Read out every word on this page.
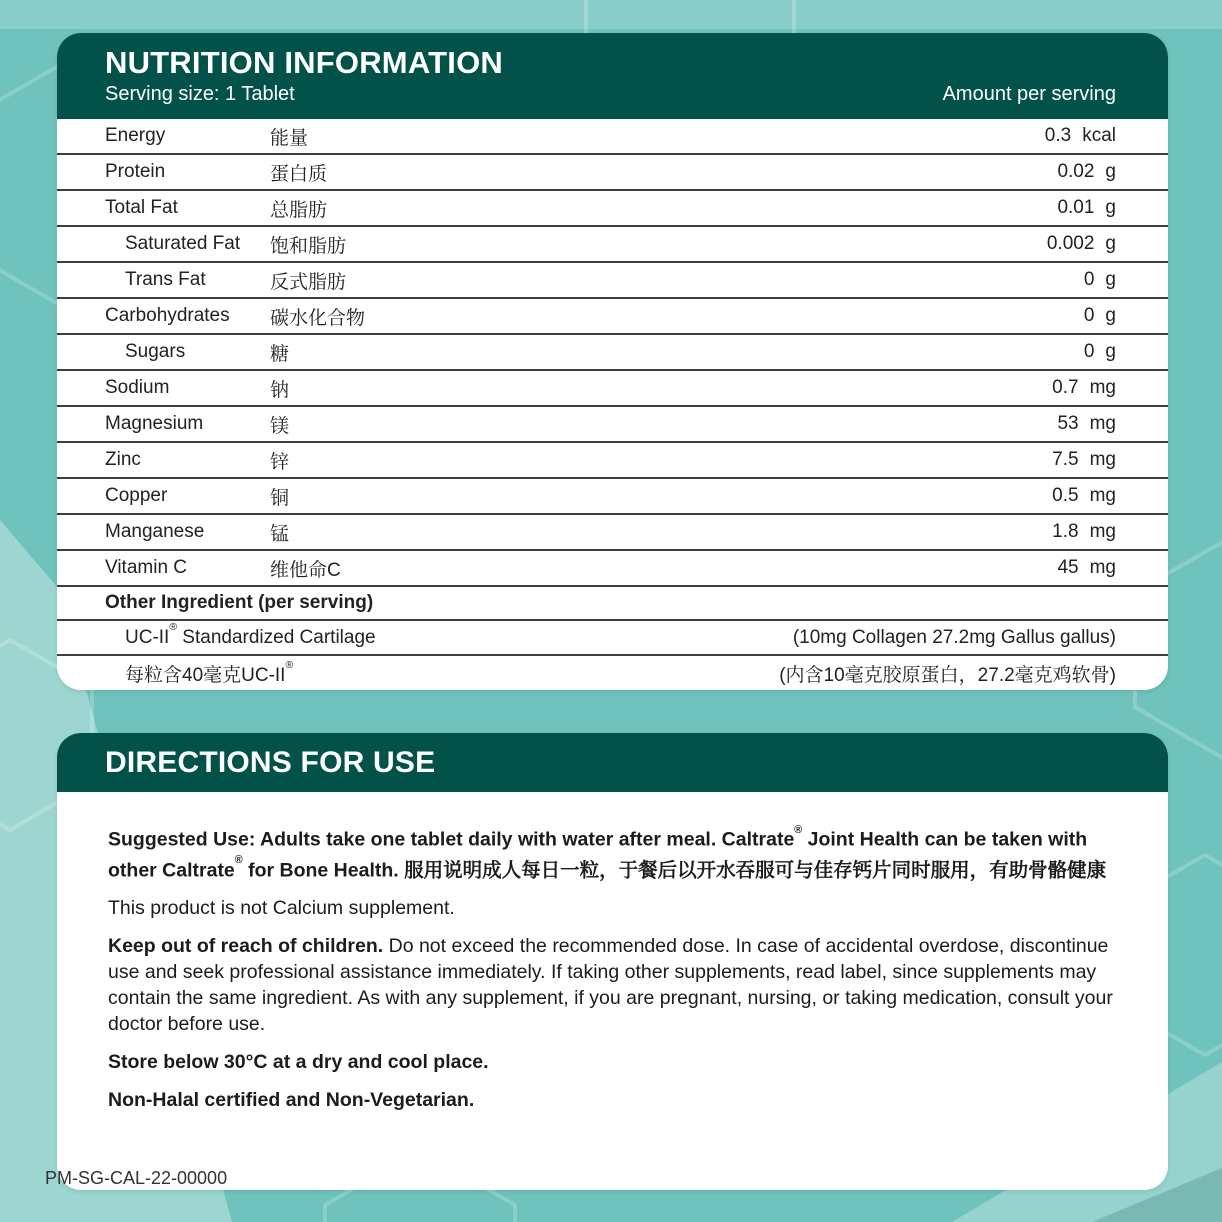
NUTRITION INFORMATION
Serving size: 1 Tablet	Amount per serving
Energy	能量	0.3 kcal
Protein	蛋白质	0.02 g
Total Fat	总脂肪	0.01 g
Saturated Fat	饱和脂肪	0.002 g
Trans Fat	反式脂肪	0 g
Carbohydrates	碳水化合物	0 g
Sugars	糖	0 g
Sodium	钠	0.7 mg
Magnesium	镁	53 mg
Zinc	锌	7.5 mg
Copper	铜	0.5 mg
Manganese	锰	1.8 mg
Vitamin C	维他命C	45 mg
Other Ingredient (per serving)
UC-II® Standardized Cartilage	(10mg Collagen 27.2mg Gallus gallus)
每粒含40毫克UC-II®	(内含10毫克胶原蛋白，27.2毫克鸡软骨)
DIRECTIONS FOR USE

Suggested Use: Adults take one tablet daily with water after meal. Caltrate® Joint Health can be taken with other Caltrate® for Bone Health. 服用说明成人每日一粒，于餐后以开水吞服可与佳存钙片同时服用，有助骨骼健康

This product is not Calcium supplement.

Keep out of reach of children. Do not exceed the recommended dose. In case of accidental overdose, discontinue use and seek professional assistance immediately. If taking other supplements, read label, since supplements may contain the same ingredient. As with any supplement, if you are pregnant, nursing, or taking medication, consult your doctor before use.

Store below 30°C at a dry and cool place.

Non-Halal certified and Non-Vegetarian.

PM-SG-CAL-22-00000
